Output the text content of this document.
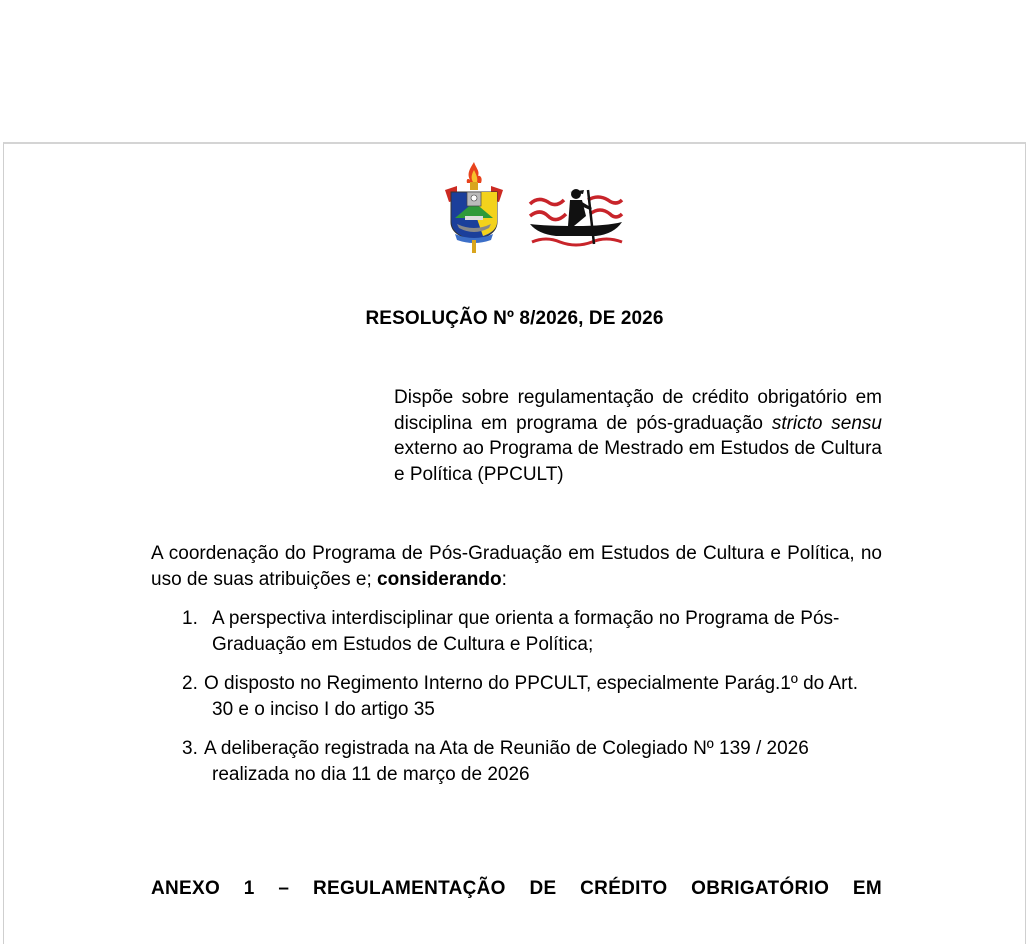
RESOLUÇÃO Nº 8/2026, DE 2026
Dispõe sobre regulamentação de crédito obrigatório em disciplina em programa de pós-graduação stricto sensu externo ao Programa de Mestrado em Estudos de Cultura e Política (PPCULT)
A coordenação do Programa de Pós-Graduação em Estudos de Cultura e Política, no uso de suas atribuições e; considerando:
1. A perspectiva interdisciplinar que orienta a formação no Programa de Pós-Graduação em Estudos de Cultura e Política;
2. O disposto no Regimento Interno do PPCULT, especialmente Parág.1º do Art. 30 e o inciso I do artigo 35
3. A deliberação registrada na Ata de Reunião de Colegiado Nº 139 / 2026 realizada no dia 11 de março de 2026
ANEXO 1 – REGULAMENTAÇÃO DE CRÉDITO OBRIGATÓRIO EM
